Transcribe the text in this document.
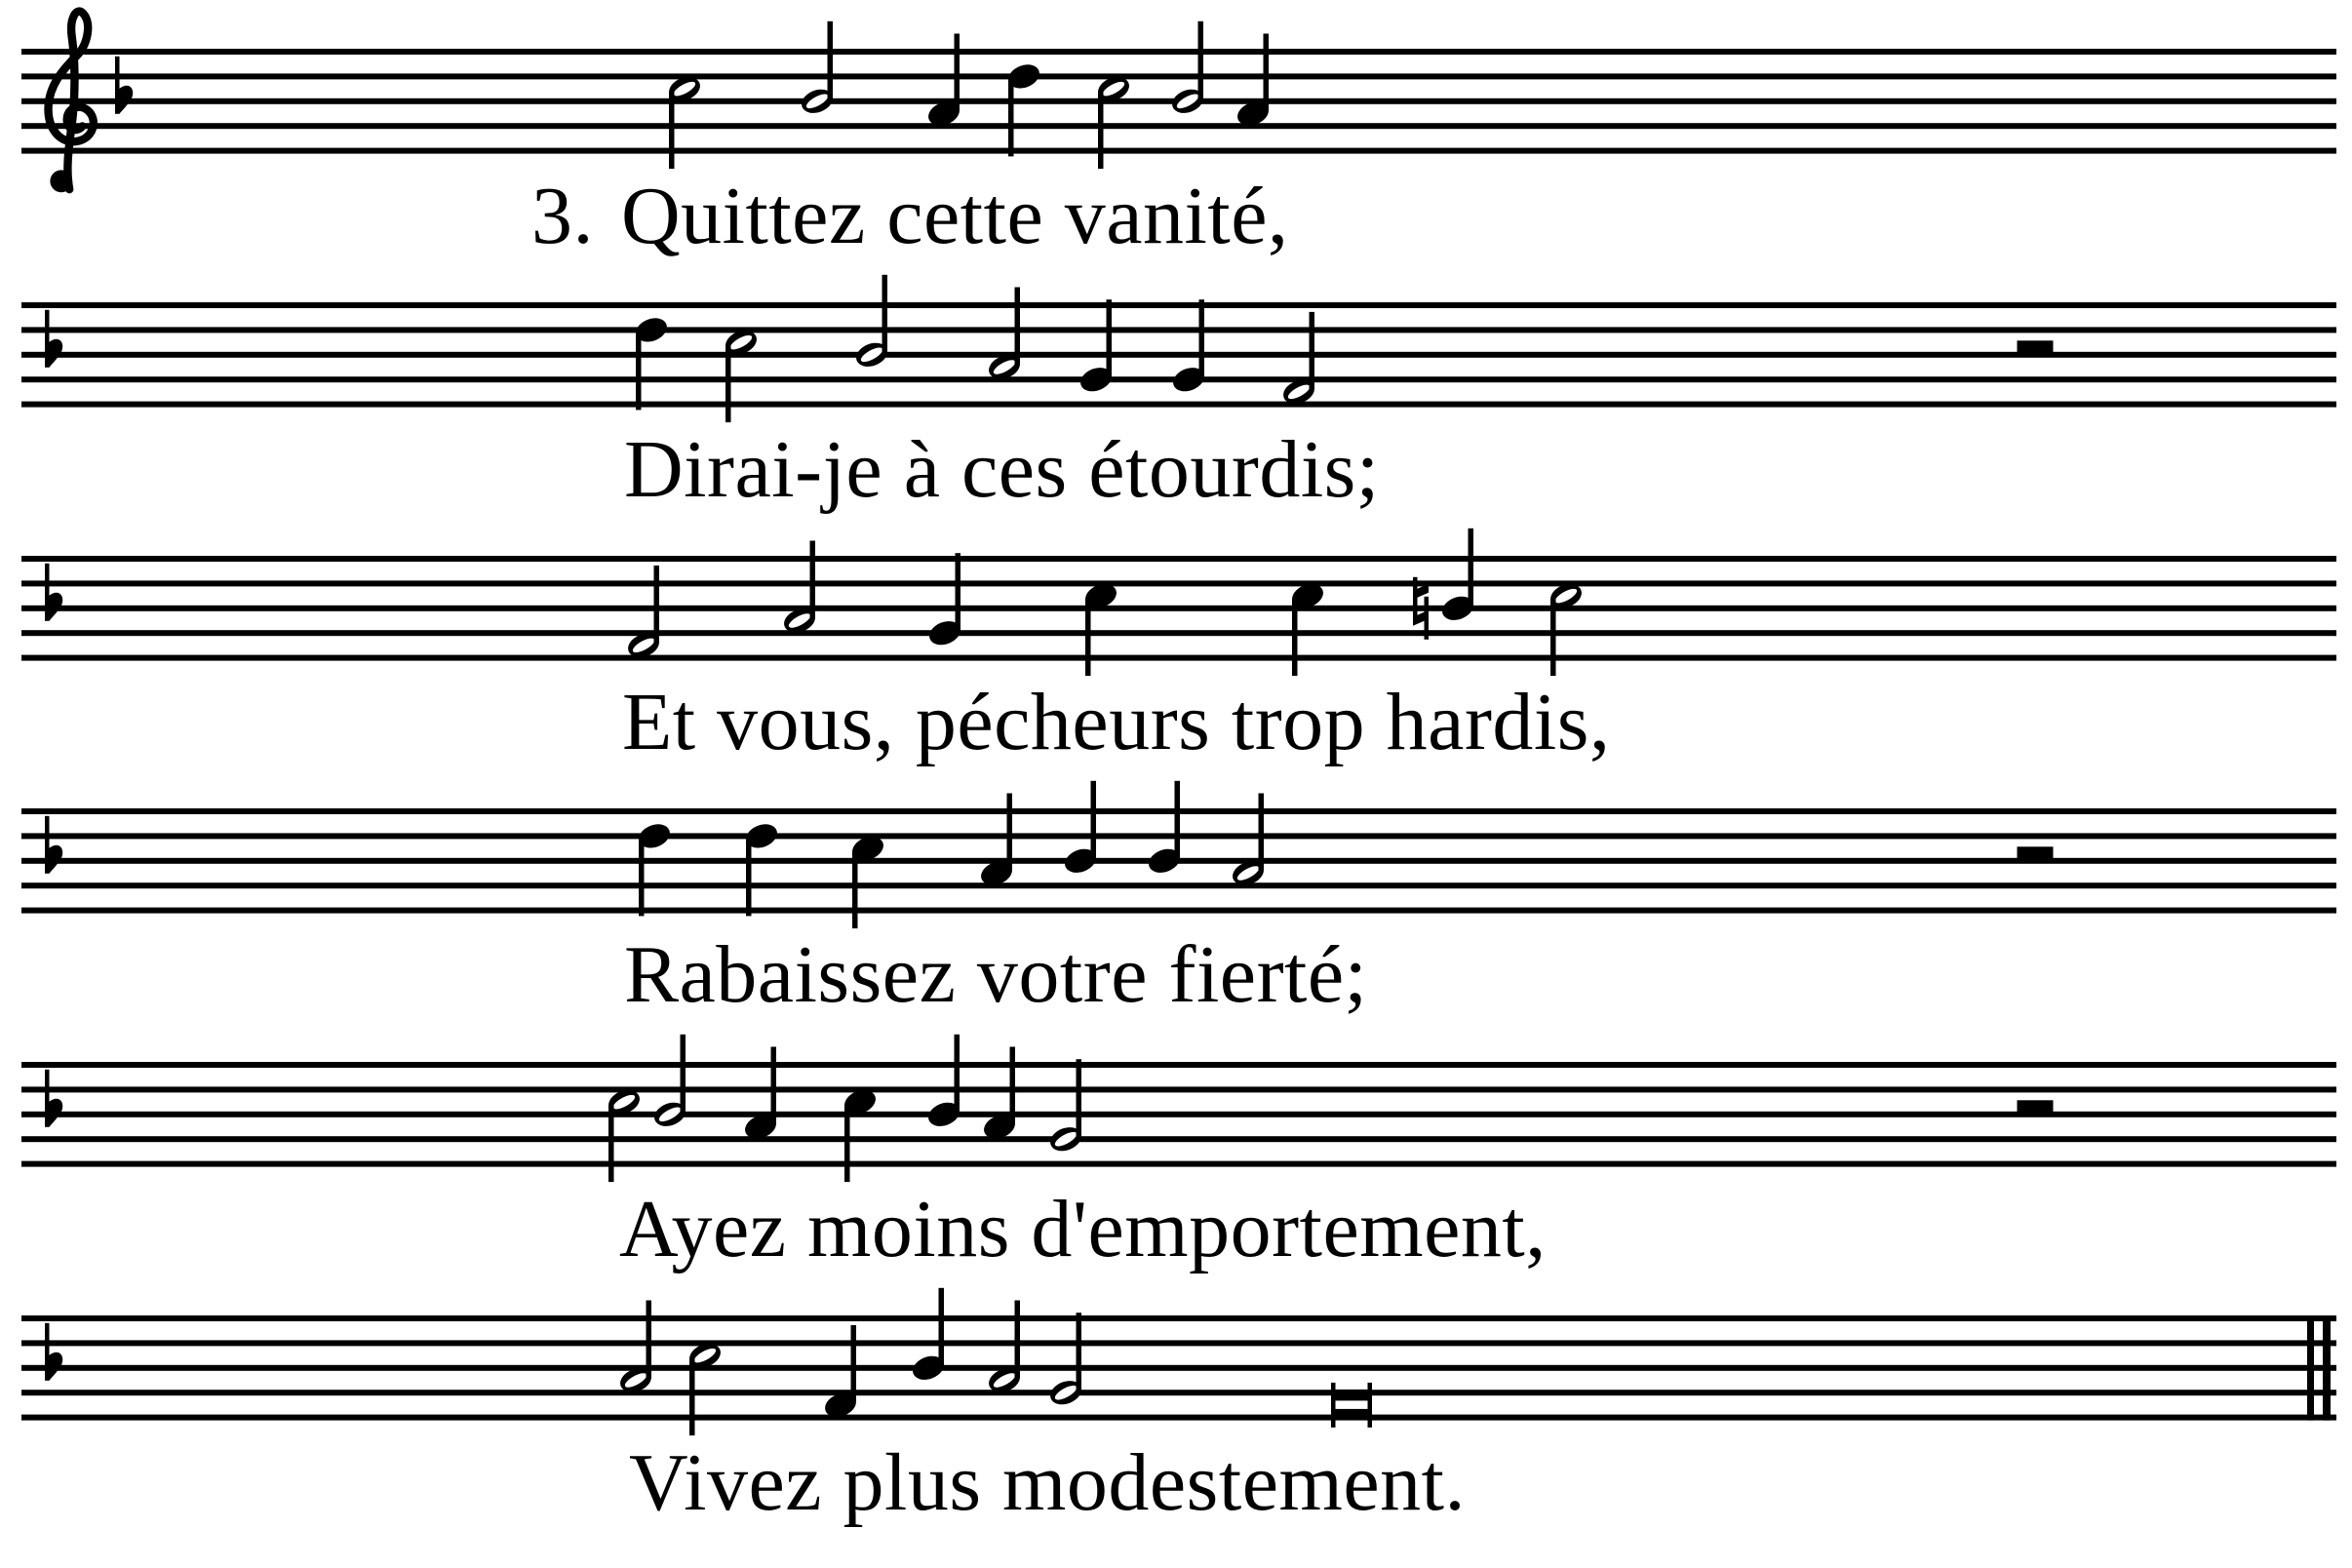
3. Quittez cette vanité,
Dirai-je à ces étourdis;
Et vous, pécheurs trop hardis,
Rabaissez votre fierté;
Ayez moins d'emportement,
Vivez plus modestement.
